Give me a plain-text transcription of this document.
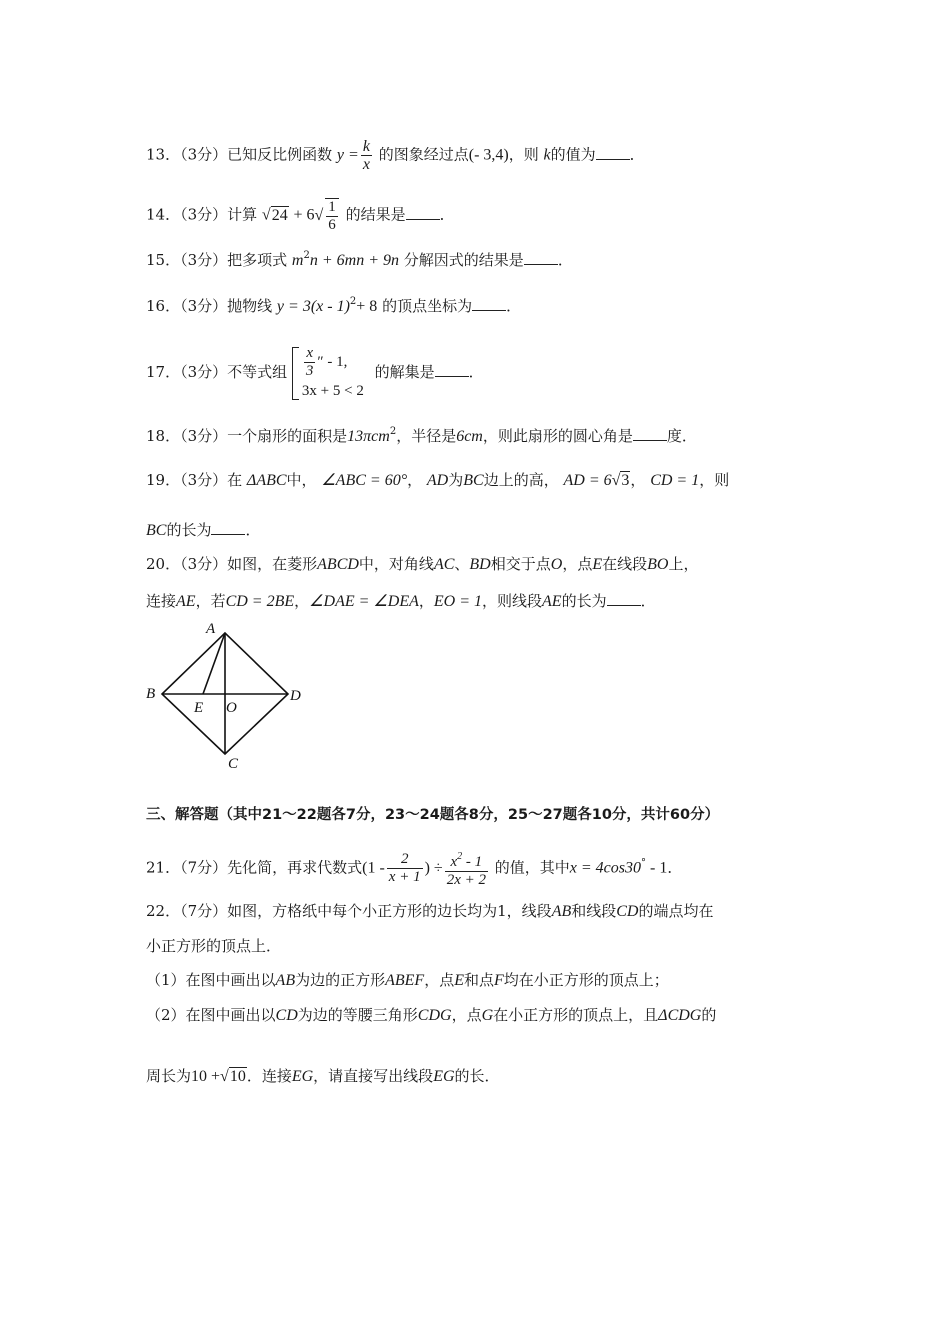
13．（3分）已知反比例函数 $y = \frac{k}{x}$ 的图象经过点(- 3,4)，则 k的值为 ．
14．（3分）计算 $√24 + 6√ \frac{1}{6}$ 的结果是 ．
15．（3分）把多项式 $m^2n + 6mn + 9n$ 分解因式的结果是 ．
16．（3分）抛物线 y = 3(x - 1)$^2$+ 8 的顶点坐标为 ．
17．（3分）不等式组 $\frac{x}{3}$ ″ - 1,
3x + 5 < 2
的解集是 ．
18．（3分）一个扇形的面积是13πcm$^2$，半径是6cm，则此扇形的圆心角是 度．
19．（3分）在 ΔABC中， ∠ABC = 60°， AD为BC边上的高， AD = 6√3， CD = 1，则
BC的长为 ．
20．（3分）如图，在菱形ABCD中，对角线AC、BD相交于点O，点E在线段BO上，
连接AE，若CD = 2BE，∠DAE = ∠DEA，EO = 1，则线段AE的长为 ．
A
B
C
D
E O
三、解答题（其中21～22题各7分，23～24题各8分，25～27题各10分，共计60分）
21．（7分）先化简，再求代数式($1 - \frac{2}{x + 1}$ ) ÷ $\frac{x^2 - 1}{2x + 2}$ 的值，其中x = 4cos30° - 1．
22．（7分）如图，方格纸中每个小正方形的边长均为1，线段AB和线段CD的端点均在
小正方形的顶点上．
（1）在图中画出以AB为边的正方形ABEF，点E和点F均在小正方形的顶点上；
（2）在图中画出以CD为边的等腰三角形CDG，点G在小正方形的顶点上，且ΔCDG的
周长为10 +√10．连接EG，请直接写出线段EG的长．
